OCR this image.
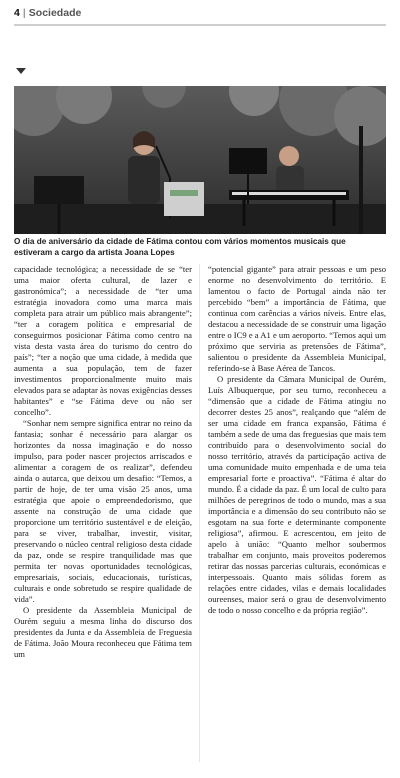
4 | Sociedade
O dia de aniversário da cidade de Fátima contou com vários momentos musicais que estiveram a cargo da artista Joana Lopes

capacidade tecnológica; a necessidade de se “ter uma maior oferta cultural, de lazer e gastronómica”; a necessidade de “ter uma estratégia inovadora como uma marca mais completa para atrair um público mais abrangente”; “ter a coragem política e empresarial de conseguirmos posicionar Fátima como centro na vista desta vasta área do turismo do centro do país”; “ter a noção que uma cidade, à medida que aumenta a sua população, tem de fazer investimentos proporcionalmente muito mais elevados para se adaptar às novas exigências desses habitantes” e “se Fátima deve ou não ser concelho”.

“Sonhar nem sempre significa entrar no reino da fantasia; sonhar é necessário para alargar os horizontes da nossa imaginação e do nosso impulso, para poder nascer projectos arriscados e alimentar a coragem de os realizar”, defendeu ainda o autarca, que deixou um desafio: “Temos, a partir de hoje, de ter uma visão 25 anos, uma estratégia que apoie o empreendedorismo, que assente na construção de uma cidade que proporcione um território sustentável e de eleição, para se viver, trabalhar, investir, visitar, preservando o núcleo central religioso desta cidade da paz, onde se respire tranquilidade mas que permita ter novas oportunidades tecnológicas, empresariais, sociais, educacionais, turísticas, culturais e onde sobretudo se respire qualidade de vida”.

O presidente da Assembleia Municipal de Ourém seguiu a mesma linha do discurso dos presidentes da Junta e da Assembleia de Freguesia de Fátima. João Moura reconheceu que Fátima tem um

“potencial gigante” para atrair pessoas e um peso enorme no desenvolvimento do território. E lamentou o facto de Portugal ainda não ter percebido “bem” a importância de Fátima, que continua com carências a vários níveis. Entre elas, destacou a necessidade de se construir uma ligação entre o IC9 e a A1 e um aeroporto. “Temos aqui um próximo que serviria as pretensões de Fátima”, salientou o presidente da Assembleia Municipal, referindo-se à Base Aérea de Tancos.

O presidente da Câmara Municipal de Ourém, Luís Albuquerque, por seu turno, reconheceu a “dimensão que a cidade de Fátima atingiu no decorrer destes 25 anos”, realçando que “além de ser uma cidade em franca expansão, Fátima é também a sede de uma das freguesias que mais tem contribuído para o desenvolvimento social do nosso território, através da participação activa de uma comunidade muito empenhada e de uma teia empresarial forte e proactiva”. “Fátima é altar do mundo. É a cidade da paz. É um local de culto para milhões de peregrinos de todo o mundo, mas a sua importância e a dimensão do seu contributo não se esgotam na sua forte e determinante componente religiosa”, afirmou. E acrescentou, em jeito de apelo à união: “Quanto melhor soubermos trabalhar em conjunto, mais proveitos poderemos retirar das nossas parcerias culturais, económicas e interpessoais. Quanto mais sólidas forem as relações entre cidades, vilas e demais localidades oureenses, maior será o grau de desenvolvimento de todo o nosso concelho e da própria região”.
